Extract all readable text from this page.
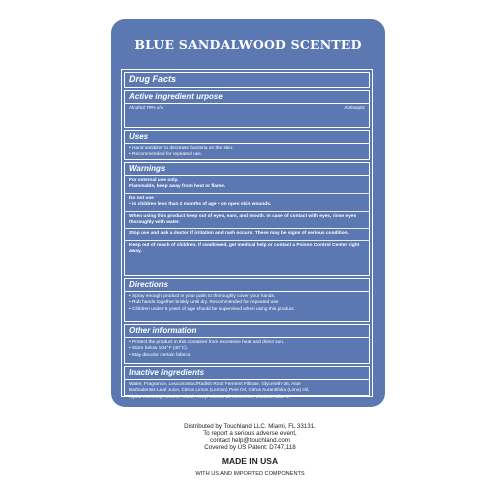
BLUE SANDALWOOD SCENTED
Drug Facts
Active ingredient urpose
Alcohol 70% v/v	Antiseptic
Uses
• Hand sanitizer to decrease bacteria on the skin.
• Recommended for repeated use.
Warnings
For external use only.
Flammable, keep away from heat or flame.
Do not use
• in children less than 2 months of age • on open skin wounds.
When using this product keep out of eyes, ears, and mouth. In case of contact with eyes, rinse eyes thoroughly with water.
Stop use and ask a doctor if irritation and rash occurs. These may be signs of serious condition.
Keep out of reach of children. If swallowed, get medical help or contact a Poison Control Center right away.
Directions
• Spray enough product in your palm to thoroughly cover your hands.
• Rub hands together briskly until dry. Recommended for repeated use.
• Children under 6 years of age should be supervised when using this product.
Other information
• Protect the product in this container from excessive heat and direct sun.
• Store below 104°F (40°C).
• May discolor certain fabrics.
Inactive ingredients
Water, Fragrance, Leuconostoc/Radish Root Ferment Filtrate, Glycereth-26, Aloe
Barbadensis Leaf Juice, Citrus Limon (Lemon) Peel Oil, Citrus Aurantifolia (Lime) Oil,
Alpha-Isomethyl Ionone, Citral, Hexyl Cinnamal, Limonene, Linalool, Blue 1.
Distributed by Touchland LLC. Miami, FL 33131.
To report a serious adverse event,
contact help@touchland.com
Covered by US Patent: D747,118
MADE IN USA
WITH US AND IMPORTED COMPONENTS
